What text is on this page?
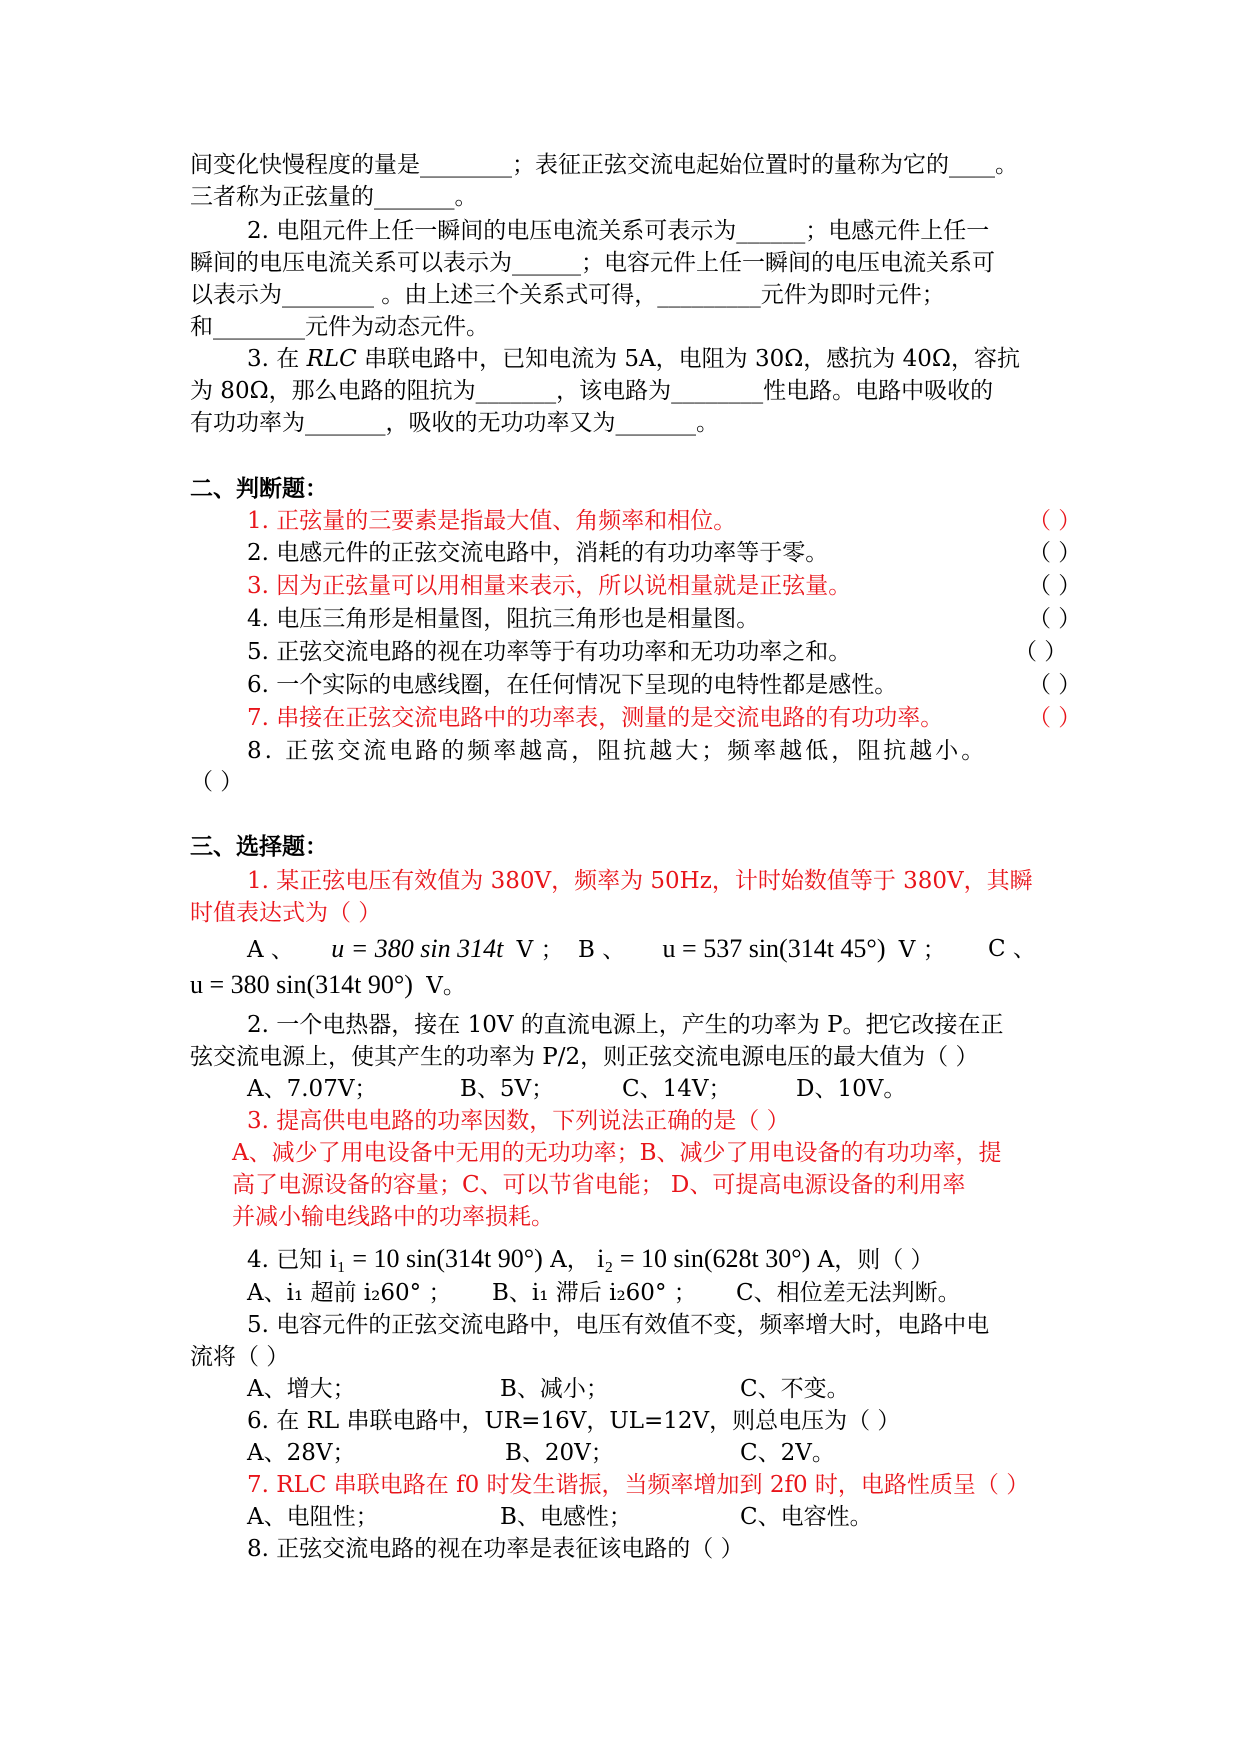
间变化快慢程度的量是________；表征正弦交流电起始位置时的量称为它的____。
三者称为正弦量的_______。
2. 电阻元件上任一瞬间的电压电流关系可表示为______；电感元件上任一
瞬间的电压电流关系可以表示为______；电容元件上任一瞬间的电压电流关系可
以表示为________ 。由上述三个关系式可得，_________元件为即时元件；
和________元件为动态元件。
3. 在 RLC 串联电路中，已知电流为 5A，电阻为 30Ω，感抗为 40Ω，容抗
为 80Ω，那么电路的阻抗为_______，该电路为________性电路。电路中吸收的
有功功率为_______，吸收的无功功率又为_______。
二、判断题：
1. 正弦量的三要素是指最大值、角频率和相位。	（ ）
2. 电感元件的正弦交流电路中，消耗的有功功率等于零。	（ ）
3. 因为正弦量可以用相量来表示，所以说相量就是正弦量。	（ ）
4. 电压三角形是相量图，阻抗三角形也是相量图。	（ ）
5. 正弦交流电路的视在功率等于有功功率和无功功率之和。	（ ）
6. 一个实际的电感线圈，在任何情况下呈现的电特性都是感性。	（ ）
7. 串接在正弦交流电路中的功率表，测量的是交流电路的有功功率。	（ ）
8. 正弦交流电路的频率越高，阻抗越大；频率越低，阻抗越小。
（ ）
三、选择题：
1. 某正弦电压有效值为 380V，频率为 50Hz，计时始数值等于 380V，其瞬
时值表达式为（ ）
A 、 u = 380 sin 314t V ； B 、 u = 537 sin(314t 45°) V ； C 、
u = 380 sin(314t 90°) V。
2. 一个电热器，接在 10V 的直流电源上，产生的功率为 P。把它改接在正
弦交流电源上，使其产生的功率为 P/2，则正弦交流电源电压的最大值为（ ）
A、7.07V；	B、5V；	C、14V；	D、10V。
3. 提高供电电路的功率因数，下列说法正确的是（ ）
A、减少了用电设备中无用的无功功率；B、减少了用电设备的有功功率，提
高了电源设备的容量；C、可以节省电能； D、可提高电源设备的利用率
并减小输电线路中的功率损耗。
4. 已知 i₁ = 10 sin(314t 90°) A， i₂ = 10 sin(628t 30°) A，则（ ）
A、i₁ 超前 i₂60° ； B、i₁ 滞后 i₂60° ； C、相位差无法判断。
5. 电容元件的正弦交流电路中，电压有效值不变，频率增大时，电路中电
流将（ ）
A、增大；	B、减小；	C、不变。
6. 在 RL 串联电路中，UR=16V，UL=12V，则总电压为（ ）
A、28V；	B、20V；	C、2V。
7. RLC 串联电路在 f0 时发生谐振，当频率增加到 2f0 时，电路性质呈（ ）
A、电阻性；	B、电感性；	C、电容性。
8. 正弦交流电路的视在功率是表征该电路的（ ）
